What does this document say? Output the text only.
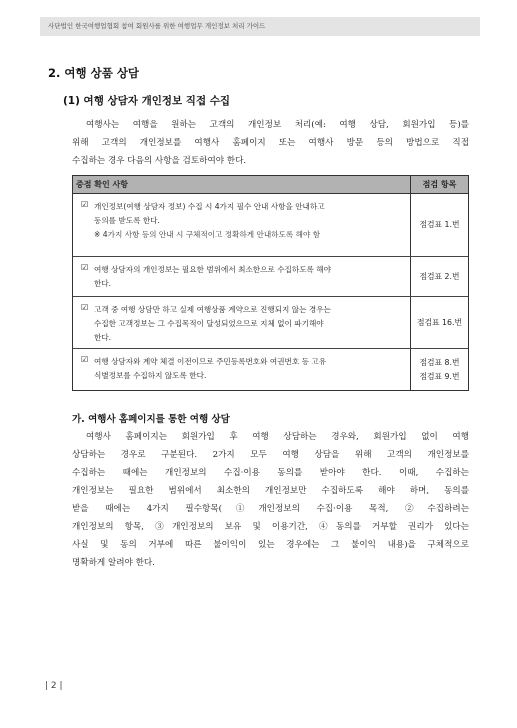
사단법인 한국여행업협회 참여 회원사를 위한 여행업무 개인정보 처리 가이드
2. 여행 상품 상담
(1) 여행 상담자 개인정보 직접 수집
여행사는 여행을 원하는 고객의 개인정보 처리(예: 여행 상담, 회원가입 등)를
위해 고객의 개인정보를 여행사 홈페이지 또는 여행사 방문 등의 방법으로 직접
수집하는 경우 다음의 사항을 검토하여야 한다.
중점 확인 사항	점검 항목
☑ 개인정보(여행 상담자 정보) 수집 시 4가지 필수 안내 사항을 안내하고
동의를 받도록 한다.
※ 4가지 사항 등의 안내 시 구체적이고 정확하게 안내하도록 해야 함
점검표 1.번
☑ 여행 상담자의 개인정보는 필요한 범위에서 최소한으로 수집하도록 해야
한다.
점검표 2.번
☑ 고객 중 여행 상담만 하고 실제 여행상품 계약으로 진행되지 않는 경우는
수집한 고객정보는 그 수집목적이 달성되었으므로 지체 없이 파기해야
한다.
점검표 16.번
☑ 여행 상담자와 계약 체결 이전이므로 주민등록번호와 여권번호 등 고유
식별정보를 수집하지 않도록 한다.
점검표 8.번
점검표 9.번
가. 여행사 홈페이지를 통한 여행 상담
여행사 홈페이지는 회원가입 후 여행 상담하는 경우와, 회원가입 없이 여행
상담하는 경우로 구분된다. 2가지 모두 여행 상담을 위해 고객의 개인정보를
수집하는 때에는 개인정보의 수집·이용 동의를 받아야 한다. 이때, 수집하는
개인정보는 필요한 범위에서 최소한의 개인정보만 수집하도록 해야 하며, 동의를
받을 때에는 4가지 필수항목(①개인정보의 수집·이용 목적, ②수집하려는
개인정보의 항목, ③개인정보의 보유 및 이용기간, ④동의를 거부할 권리가 있다는
사실 및 동의 거부에 따른 불이익이 있는 경우에는 그 불이익 내용)을 구체적으로
명확하게 알려야 한다.
| 2 |
